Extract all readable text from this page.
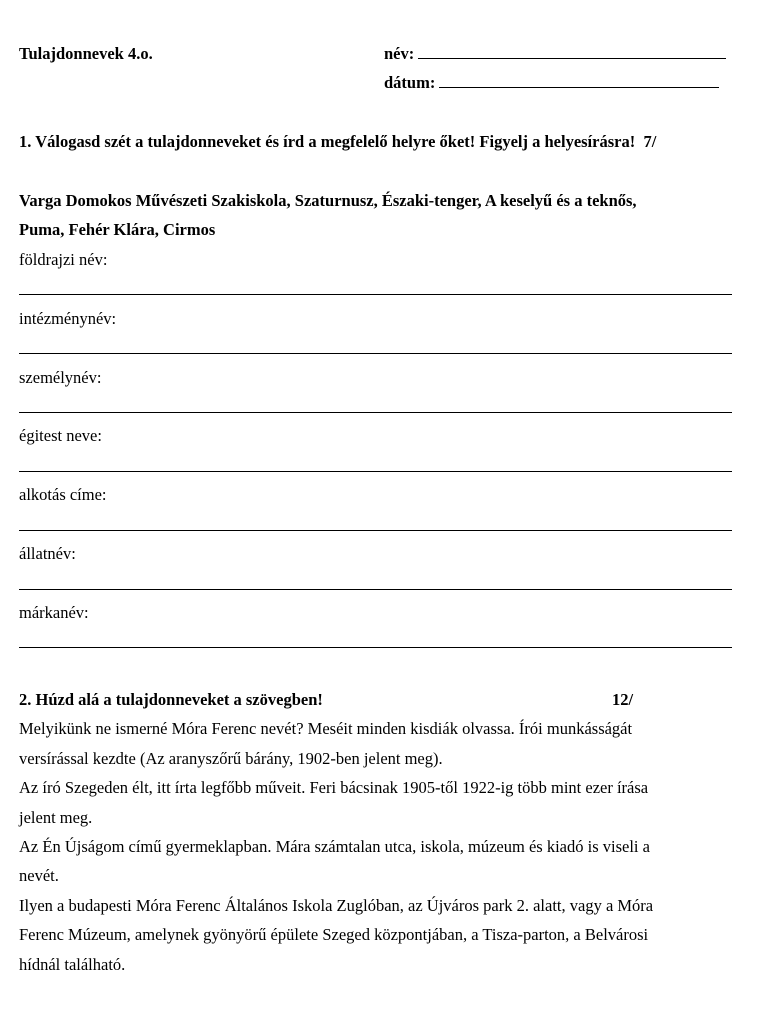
Tulajdonnevek 4.o.	név:
dátum:
1. Válogasd szét a tulajdonneveket és írd a megfelelő helyre őket! Figyelj a helyesírásra! 7/
Varga Domokos Művészeti Szakiskola, Szaturnusz, Északi-tenger, A keselyű és a teknős,
Puma, Fehér Klára, Cirmos
földrajzi név:
intézménynév:
személynév:
égitest neve:
alkotás címe:
állatnév:
márkanév:
2. Húzd alá a tulajdonneveket a szövegben!	12/
Melyikünk ne ismerné Móra Ferenc nevét? Meséit minden kisdiák olvassa. Írói munkásságát
versírással kezdte (Az aranyszőrű bárány, 1902-ben jelent meg).
Az író Szegeden élt, itt írta legfőbb műveit. Feri bácsinak 1905-től 1922-ig több mint ezer írása
jelent meg.
Az Én Újságom című gyermeklapban. Mára számtalan utca, iskola, múzeum és kiadó is viseli a
nevét.
Ilyen a budapesti Móra Ferenc Általános Iskola Zuglóban, az Újváros park 2. alatt, vagy a Móra
Ferenc Múzeum, amelynek gyönyörű épülete Szeged központjában, a Tisza-parton, a Belvárosi
hídnál található.
